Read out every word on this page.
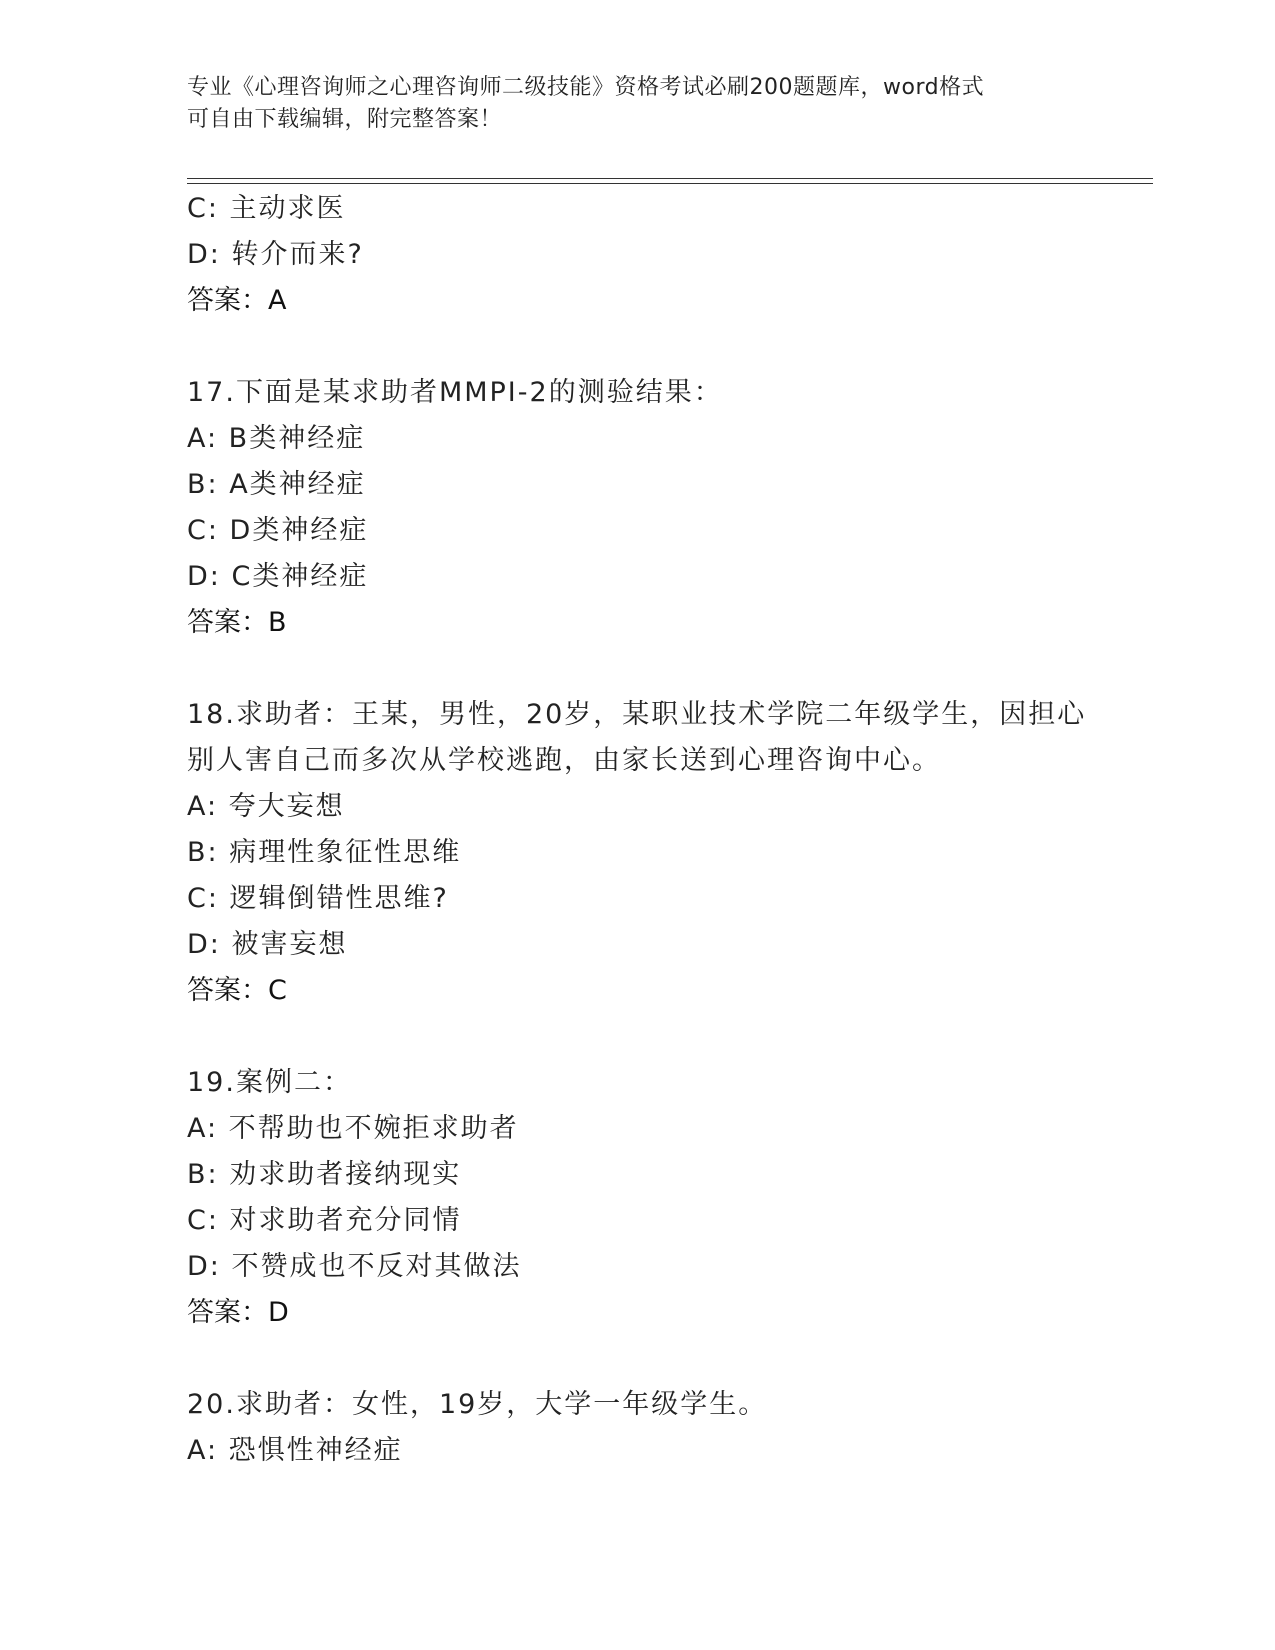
专业《心理咨询师之心理咨询师二级技能》资格考试必刷200题题库，word格式
可自由下载编辑，附完整答案！
C: 主动求医
D: 转介而来?
答案：A
17.下面是某求助者MMPI-2的测验结果：
A: B类神经症
B: A类神经症
C: D类神经症
D: C类神经症
答案：B
18.求助者：王某，男性，20岁，某职业技术学院二年级学生，因担心
别人害自己而多次从学校逃跑，由家长送到心理咨询中心。
A: 夸大妄想
B: 病理性象征性思维
C: 逻辑倒错性思维?
D: 被害妄想
答案：C
19.案例二：
A: 不帮助也不婉拒求助者
B: 劝求助者接纳现实
C: 对求助者充分同情
D: 不赞成也不反对其做法
答案：D
20.求助者：女性，19岁，大学一年级学生。
A: 恐惧性神经症
